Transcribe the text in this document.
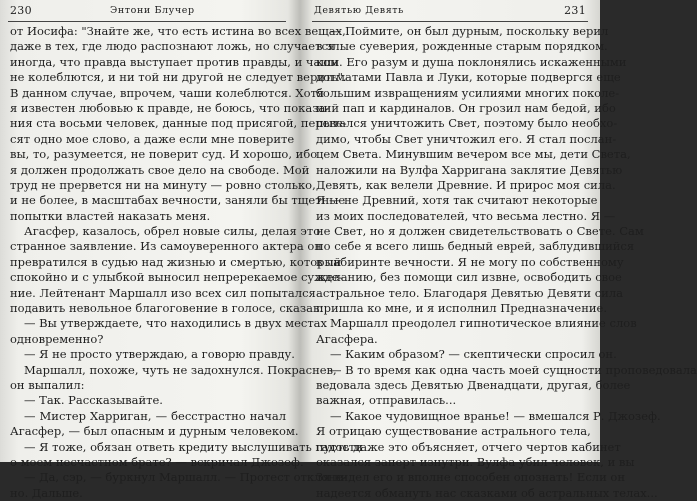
230	Энтони Блучер
от Иосифа: "Знайте же, что есть истина во всех вещах,
даже в тех, где людо распознают ложь, но случается
иногда, что правда выступает против правды, и чаши
не колеблются, и ни той ни другой не следует верить".
В данном случае, впрочем, чаши колеблются. Хотя
я известен любовью к правде, не боюсь, что показа-
ния ста восьми человек, данные под присягой, переве-
сят одно мое слово, а даже если мне поверите
вы, то, разумеется, не поверит суд. И хорошо, ибо
я должен продолжать свое дело на свободе. Мой
труд не прервется ни на минуту — ровно столько,
и не более, в масштабах вечности, заняли бы тщетные
попытки властей наказать меня.
Агасфер, казалось, обрел новые силы, делая это
странное заявление. Из самоуверенного актера он
превратился в судью над жизнью и смертью, который
спокойно и с улыбкой выносил непререкаемое сужде-
ние. Лейтенант Маршалл изо всех сил попытался
подавить невольное благоговение в голосе, сказав:
— Вы утверждаете, что находились в двух местах
одновременно?
— Я не просто утверждаю, а говорю правду.
Маршалл, похоже, чуть не задохнулся. Покраснев,
он выпалил:
— Так. Рассказывайте.
— Мистер Харриган, — бесстрастно начал
Агасфер, — был опасным и дурным человеком.
— Я тоже, обязан ответь кредиту выслушивать гадости
о моем несчастном брате? — вскричал Джозеф.
— Да, сэр, — буркнул Маршалл. — Протест отклоне-
но. Дальше.
Девятью Девять	231
— Поймите, он был дурным, поскольку верил
в злые суеверия, рожденные старым порядком.
ком. Его разум и душа поклонялись искаженными
догматами Павла и Луки, которые подвергся еще
большим извращениям усилиями многих поколе-
ний пап и кардиналов. Он грозил нам бедой, ибо
пытался уничтожить Свет, поэтому было необхо-
димо, чтобы Свет уничтожил его. Я стал послан-
цем Света. Минувшим вечером все мы, дети Света,
наложили на Вулфа Харригана заклятие Девятью
Девять, как велели Древние. И прирос моя сила.
Я — не Древний, хотя так считают некоторые
из моих последователей, что весьма лестно. Я —
не Свет, но я должен свидетельствовать о Свете. Сам
по себе я всего лишь бедный еврей, заблудившийся
в лабиринте вечности. Я не могу по собственному
желанию, без помощи сил извне, освободить свое
астральное тело. Благодаря Девятью Девяти сила
пришла ко мне, и я исполнил Предназначение.
Маршалл преодолел гипнотическое влияние слов
Агасфера.
— Каким образом? — скептически спросил он.
— В то время как одна часть моей сущности проповедовала
ведовала здесь Девятью Двенадцати, другая, более
важная, отправилась...
— Какое чудовищное вранье! — вмешался Р. Джозеф.
Я отрицаю существование астрального тела,
пусть даже это объясняет, отчего чертов кабинет
оказался заперт изнутри. Вулфа убил человек, и вы
Зя видел его и вполне способен опознать! Если он
надеется обмануть нас сказками об астральных телах...
